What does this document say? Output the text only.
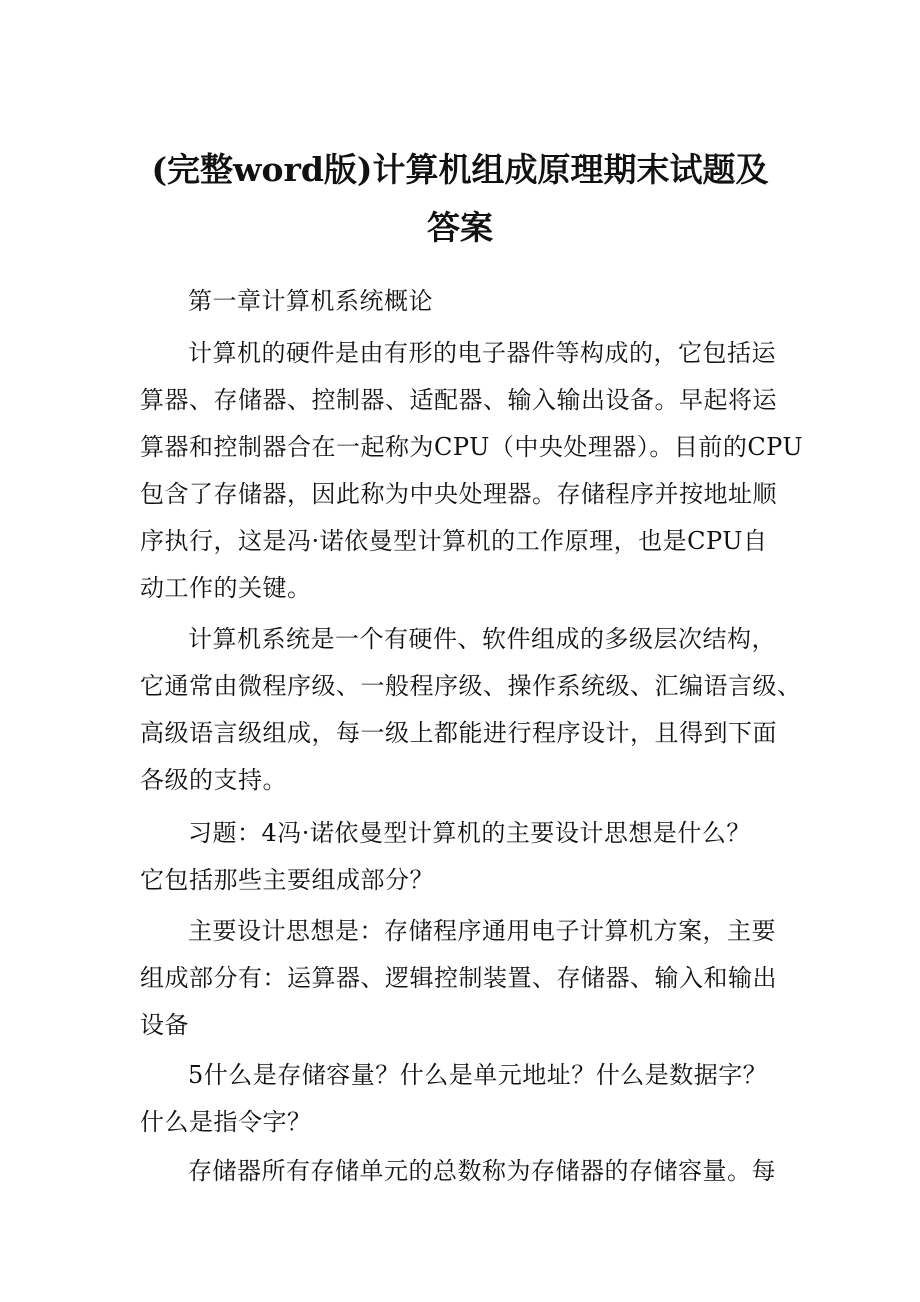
(完整word版)计算机组成原理期末试题及
答案

第一章计算机系统概论

计算机的硬件是由有形的电子器件等构成的，它包括运
算器、存储器、控制器、适配器、输入输出设备。早起将运
算器和控制器合在一起称为CPU（中央处理器）。目前的CPU
包含了存储器，因此称为中央处理器。存储程序并按地址顺
序执行，这是冯·诺依曼型计算机的工作原理，也是CPU自
动工作的关键。

计算机系统是一个有硬件、软件组成的多级层次结构，
它通常由微程序级、一般程序级、操作系统级、汇编语言级、
高级语言级组成，每一级上都能进行程序设计，且得到下面
各级的支持。

习题：4冯·诺依曼型计算机的主要设计思想是什么？
它包括那些主要组成部分？

主要设计思想是：存储程序通用电子计算机方案，主要
组成部分有：运算器、逻辑控制装置、存储器、输入和输出
设备

5什么是存储容量？什么是单元地址？什么是数据字？
什么是指令字？

存储器所有存储单元的总数称为存储器的存储容量。每
